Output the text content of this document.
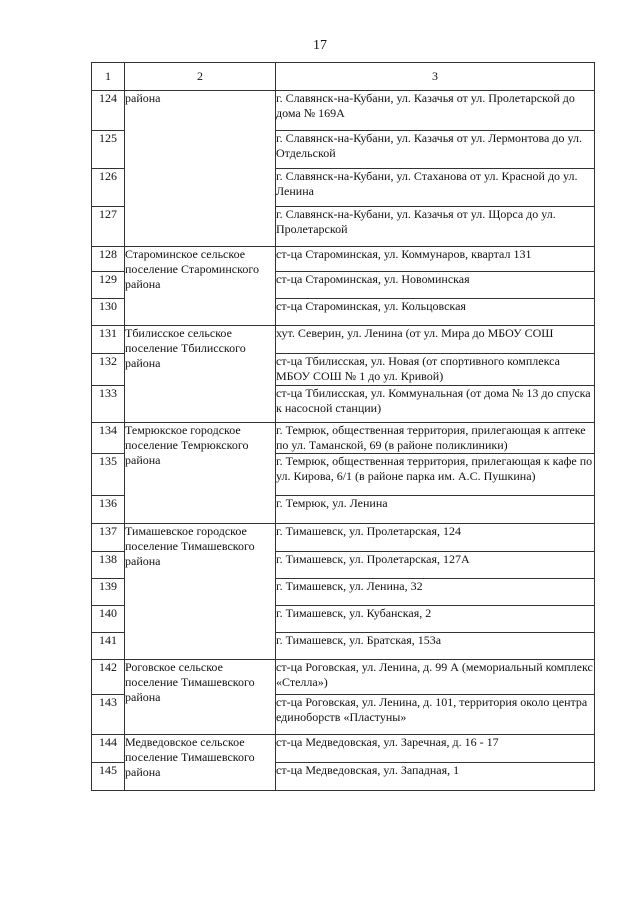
17
1	2	3
124	района	г. Славянск-на-Кубани, ул. Казачья от ул. Пролетарской до дома № 169А
125		г. Славянск-на-Кубани, ул. Казачья от ул. Лермонтова до ул. Отдельской
126		г. Славянск-на-Кубани, ул. Стаханова от ул. Красной до ул. Ленина
127		г. Славянск-на-Кубани, ул. Казачья от ул. Щорса до ул. Пролетарской
128	Староминское сельское поселение Староминского района	ст-ца Староминская, ул. Коммунаров, квартал 131
129		ст-ца Староминская, ул. Новоминская
130		ст-ца Староминская, ул. Кольцовская
131	Тбилисское сельское поселение Тбилисского района	хут. Северин, ул. Ленина (от ул. Мира до МБОУ СОШ
132		ст-ца Тбилисская, ул. Новая (от спортивного комплекса МБОУ СОШ № 1 до ул. Кривой)
133		ст-ца Тбилисская, ул. Коммунальная (от дома № 13 до спуска к насосной станции)
134	Темрюкское городское поселение Темрюкского района	г. Темрюк, общественная территория, прилегающая к аптеке по ул. Таманской, 69 (в районе поликлиники)
135		г. Темрюк, общественная территория, прилегающая к кафе по ул. Кирова, 6/1 (в районе парка им. А.С. Пушкина)
136		г. Темрюк, ул. Ленина
137	Тимашевское городское поселение Тимашевского района	г. Тимашевск, ул. Пролетарская, 124
138		г. Тимашевск, ул. Пролетарская, 127А
139		г. Тимашевск, ул. Ленина, 32
140		г. Тимашевск, ул. Кубанская, 2
141		г. Тимашевск, ул. Братская, 153а
142	Роговское сельское поселение Тимашевского района	ст-ца Роговская, ул. Ленина, д. 99 А (мемориальный комплекс «Стелла»)
143		ст-ца Роговская, ул. Ленина, д. 101, территория около центра единоборств «Пластуны»
144	Медведовское сельское поселение Тимашевского района	ст-ца Медведовская, ул. Заречная, д. 16 - 17
145		ст-ца Медведовская, ул. Западная, 1
